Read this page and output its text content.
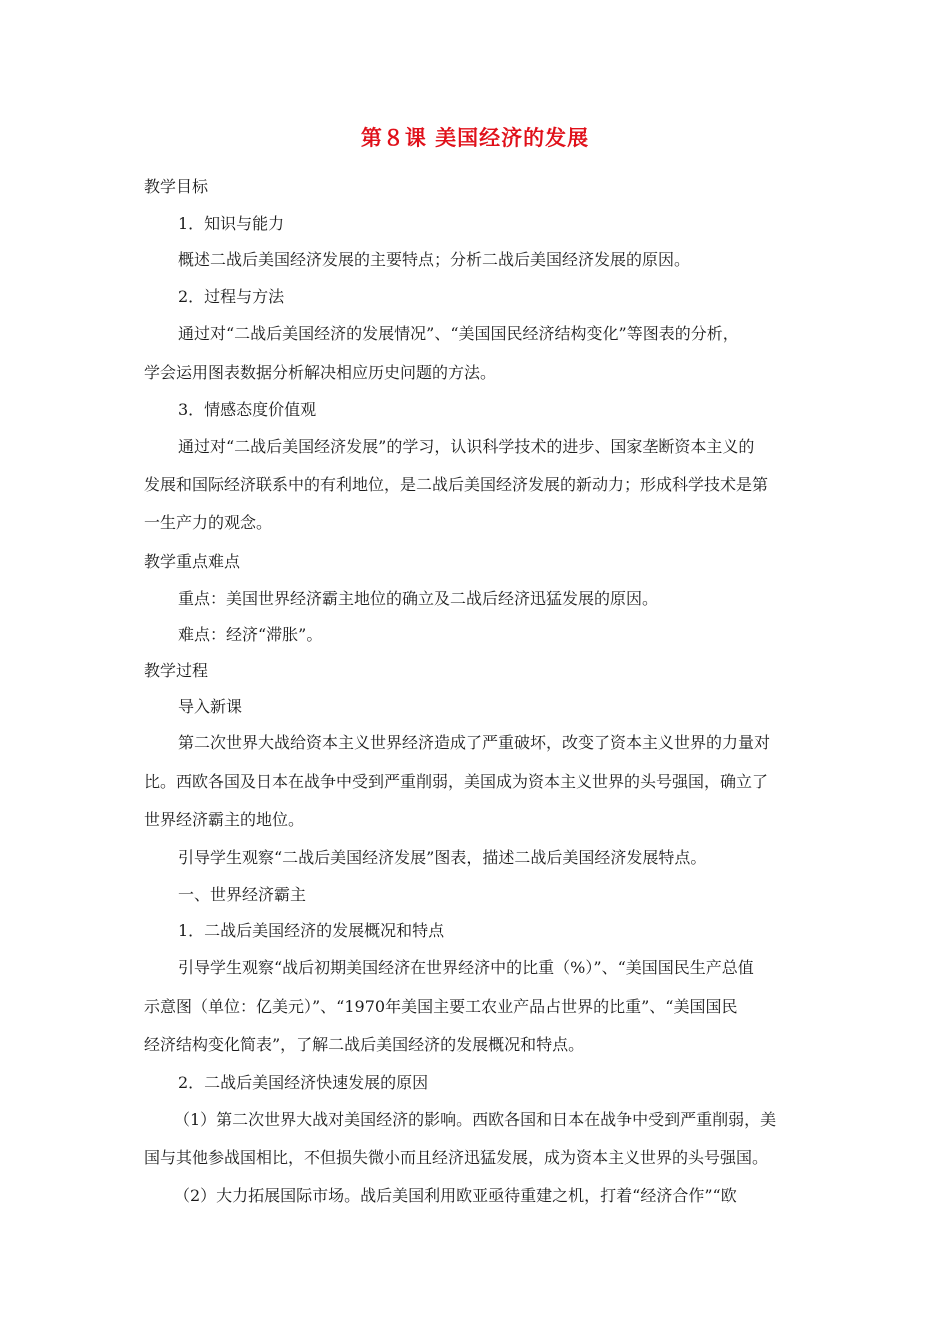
第８课 美国经济的发展
教学目标
1．知识与能力
概述二战后美国经济发展的主要特点；分析二战后美国经济发展的原因。
2．过程与方法
通过对“二战后美国经济的发展情况”、“美国国民经济结构变化”等图表的分析，
学会运用图表数据分析解决相应历史问题的方法。
3．情感态度价值观
通过对“二战后美国经济发展”的学习，认识科学技术的进步、国家垄断资本主义的
发展和国际经济联系中的有利地位，是二战后美国经济发展的新动力；形成科学技术是第
一生产力的观念。
教学重点难点
重点：美国世界经济霸主地位的确立及二战后经济迅猛发展的原因。
难点：经济“滞胀”。
教学过程
导入新课
第二次世界大战给资本主义世界经济造成了严重破坏，改变了资本主义世界的力量对
比。西欧各国及日本在战争中受到严重削弱，美国成为资本主义世界的头号强国，确立了
世界经济霸主的地位。
引导学生观察“二战后美国经济发展”图表，描述二战后美国经济发展特点。
一、世界经济霸主
1．二战后美国经济的发展概况和特点
引导学生观察“战后初期美国经济在世界经济中的比重（%）”、“美国国民生产总值
示意图（单位：亿美元）”、“1970年美国主要工农业产品占世界的比重”、“美国国民
经济结构变化简表”，了解二战后美国经济的发展概况和特点。
2．二战后美国经济快速发展的原因
（1）第二次世界大战对美国经济的影响。西欧各国和日本在战争中受到严重削弱，美
国与其他参战国相比，不但损失微小而且经济迅猛发展，成为资本主义世界的头号强国。
（2）大力拓展国际市场。战后美国利用欧亚亟待重建之机，打着“经济合作”“欧
